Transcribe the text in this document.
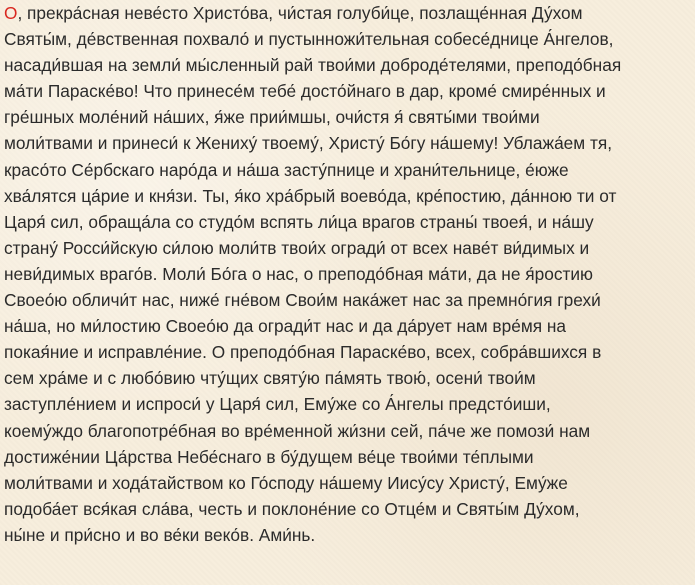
О, прекра́сная неве́сто Христо́ва, чи́стая голуби́це, позлаще́нная Ду́хом
Святы́м, де́вственная похвало́ и пустынножи́тельная собесе́днице А́нгелов,
насади́вшая на земли́ мы́сленный рай твои́ми доброде́телями, преподо́бная
ма́ти Параске́во! Что принесе́м тебе́ досто́йнаго в дар, кроме́ смире́нных и
гре́шных моле́ний на́ших, я́же прии́мшы, очи́стя я́ святы́ми твои́ми
моли́твами и принеси́ к Жениху́ твоему́, Христу́ Бо́гу на́шему! Ублажа́ем тя,
красо́то Се́рбскаго наро́да и на́ша засту́пнице и храни́тельнице, е́юже
хва́лятся ца́рие и кня́зи. Ты, я́ко хра́брый воево́да, кре́постию, да́нною ти от
Царя́ сил, обраща́ла со студо́м вспять ли́ца врагов страны́ твоея́, и на́шу
страну́ Росси́йскую си́лою моли́тв твои́х огради́ от всех наве́т ви́димых и
неви́димых враго́в. Моли́ Бо́га о нас, о преподо́бная ма́ти, да не я́ростию
Своео́ю обличи́т нас, ниже́ гне́вом Свои́м нака́жет нас за премно́гия грехи́
на́ша, но ми́лостию Своео́ю да огради́т нас и да да́рует нам вре́мя на
покая́ние и исправле́ние. О преподо́бная Параске́во, всех, собра́вшихся в
сем хра́ме и с любо́вию чту́щих святу́ю па́мять твою́, осени́ твои́м
заступле́нием и испроси́ у Царя́ сил, Ему́же со А́нгелы предсто́иши,
коему́ждо благопотре́бная во вре́менной жи́зни сей, па́че же помози́ нам
достиже́нии Ца́рства Небе́снаго в бу́дущем ве́це твои́ми те́плыми
моли́твами и хода́тайством ко Го́споду на́шему Иису́су Христу́, Ему́же
подоба́ет вся́кая сла́ва, честь и поклоне́ние со Отце́м и Святы́м Ду́хом,
ны́не и при́сно и во ве́ки веко́в. Ами́нь.
